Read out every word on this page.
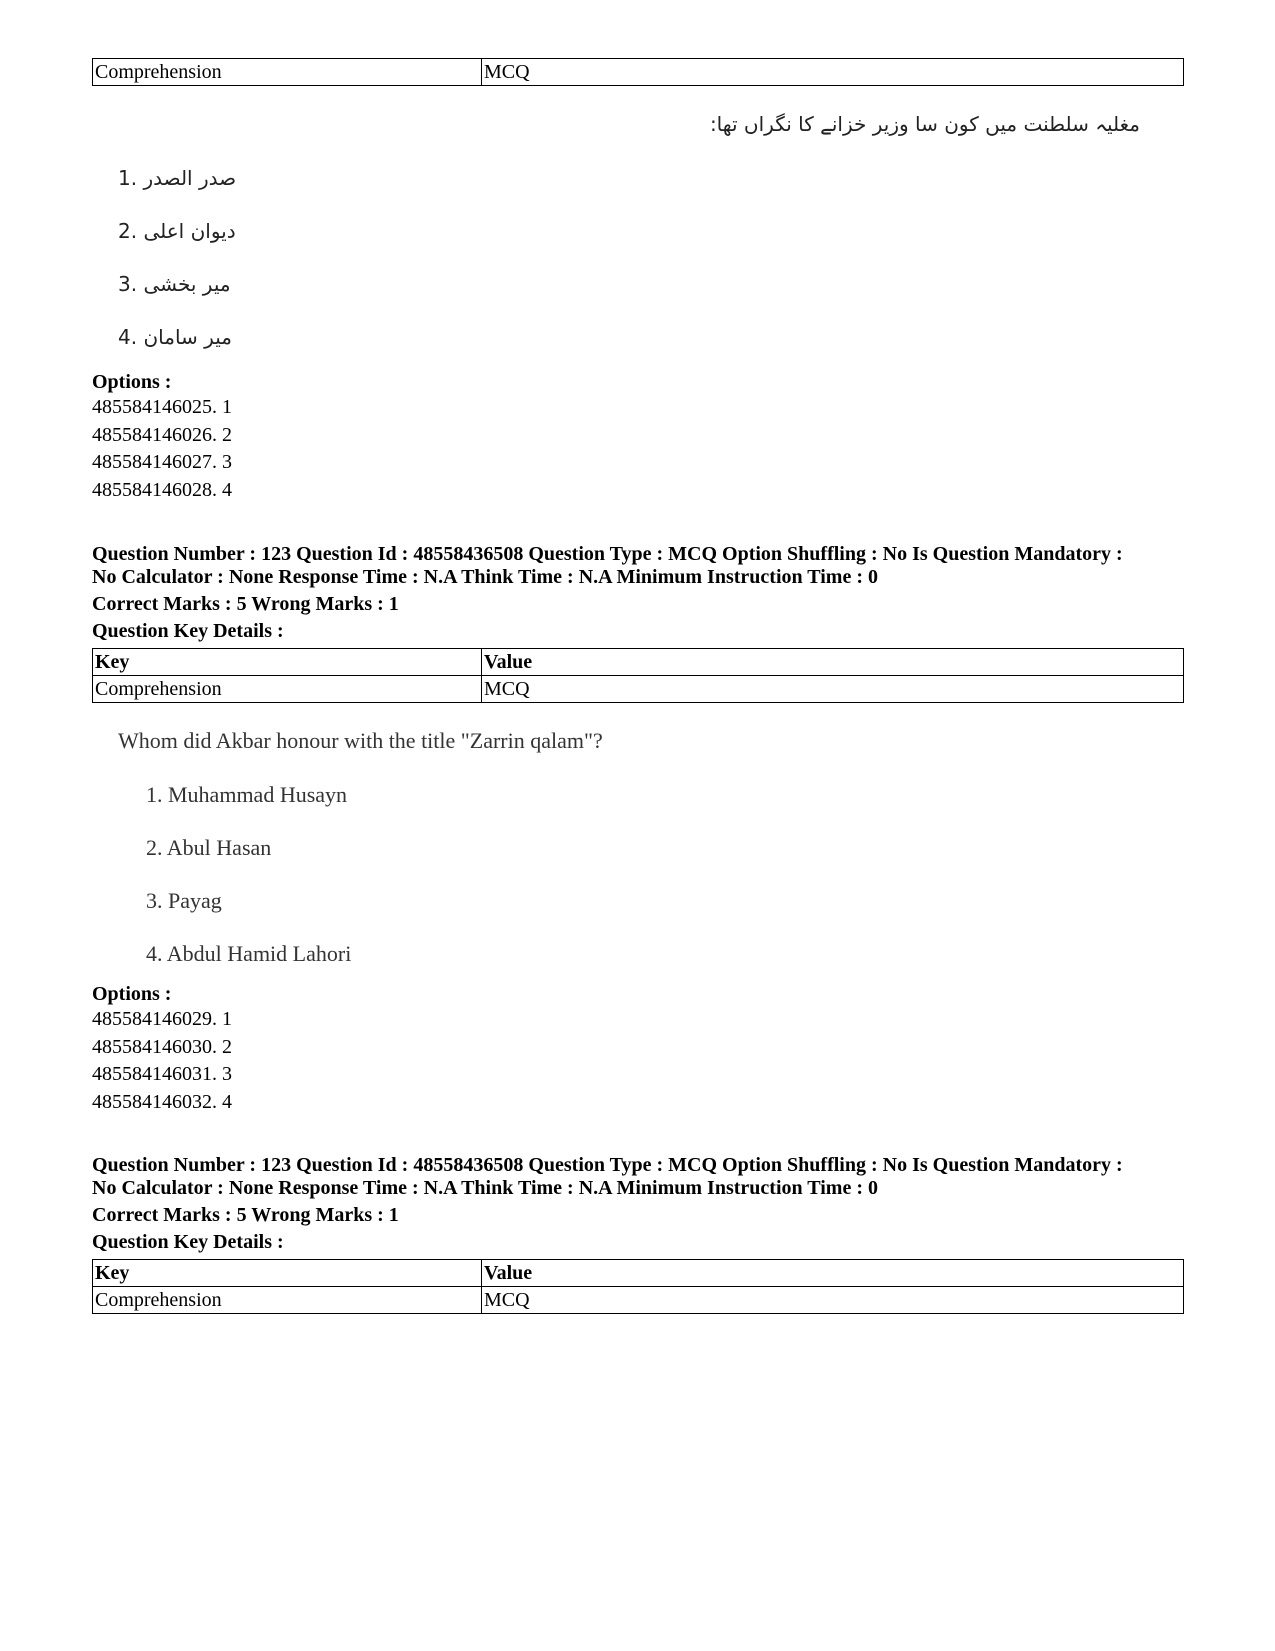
Comprehension	MCQ
مغلیہ سلطنت میں کون سا وزیر خزانے کا نگراں تھا:
1. صدر الصدر
2. دیوان اعلی
3. میر بخشی
4. میر سامان
Options :
485584146025. 1
485584146026. 2
485584146027. 3
485584146028. 4
Question Number : 123 Question Id : 48558436508 Question Type : MCQ Option Shuffling : No Is Question Mandatory :
No Calculator : None Response Time : N.A Think Time : N.A Minimum Instruction Time : 0
Correct Marks : 5 Wrong Marks : 1
Question Key Details :
Key	Value
Comprehension	MCQ
Whom did Akbar honour with the title "Zarrin qalam"?
1. Muhammad Husayn
2. Abul Hasan
3. Payag
4. Abdul Hamid Lahori
Options :
485584146029. 1
485584146030. 2
485584146031. 3
485584146032. 4
Question Number : 123 Question Id : 48558436508 Question Type : MCQ Option Shuffling : No Is Question Mandatory :
No Calculator : None Response Time : N.A Think Time : N.A Minimum Instruction Time : 0
Correct Marks : 5 Wrong Marks : 1
Question Key Details :
Key	Value
Comprehension	MCQ
